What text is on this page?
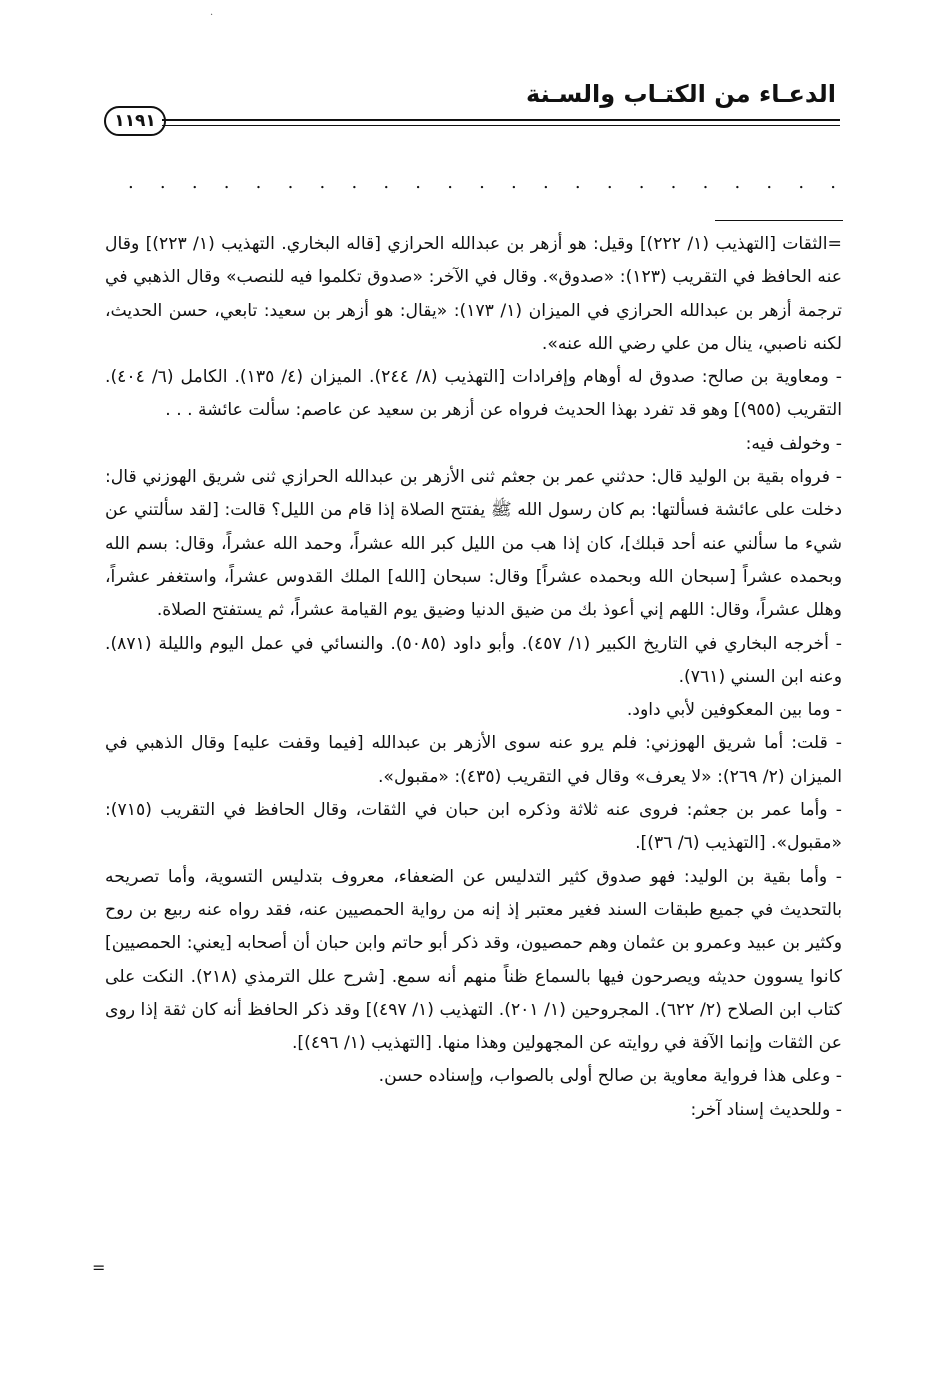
·
الدعـاء من الكتـاب والسـنة
١١٩١
. . . . . . . . . . . . . . . . . . . . . . .

=الثقات [التهذيب (١/ ٢٢٢)] وقيل: هو أزهر بن عبدالله الحرازي [قاله البخاري. التهذيب (١/ ٢٢٣)] وقال عنه الحافظ في التقريب (١٢٣): «صدوق». وقال في الآخر: «صدوق تكلموا فيه للنصب» وقال الذهبي في ترجمة أزهر بن عبدالله الحرازي في الميزان (١/ ١٧٣): «يقال: هو أزهر بن سعيد: تابعي، حسن الحديث، لكنه ناصبي، ينال من علي رضي الله عنه».

- ومعاوية بن صالح: صدوق له أوهام وإفرادات [التهذيب (٨/ ٢٤٤). الميزان (٤/ ١٣٥). الكامل (٦/ ٤٠٤). التقريب (٩٥٥)] وهو قد تفرد بهذا الحديث فرواه عن أزهر بن سعيد عن عاصم: سألت عائشة . . .

- وخولف فيه:

- فرواه بقية بن الوليد قال: حدثني عمر بن جعثم ثنى الأزهر بن عبدالله الحرازي ثنى شريق الهوزني قال: دخلت على عائشة فسألتها: بم كان رسول الله ﷺ يفتتح الصلاة إذا قام من الليل؟ قالت: [لقد سألتني عن شيء ما سألني عنه أحد قبلك]، كان إذا هب من الليل كبر الله عشراً، وحمد الله عشراً، وقال: بسم الله وبحمده عشراً [سبحان الله وبحمده عشراً] وقال: سبحان [الله] الملك القدوس عشراً، واستغفر عشراً، وهلل عشراً، وقال: اللهم إني أعوذ بك من ضيق الدنيا وضيق يوم القيامة عشراً، ثم يستفتح الصلاة.

- أخرجه البخاري في التاريخ الكبير (١/ ٤٥٧). وأبو داود (٥٠٨٥). والنسائي في عمل اليوم والليلة (٨٧١). وعنه ابن السني (٧٦١).

- وما بين المعكوفين لأبي داود.

- قلت: أما شريق الهوزني: فلم يرو عنه سوى الأزهر بن عبدالله [فيما وقفت عليه] وقال الذهبي في الميزان (٢/ ٢٦٩): «لا يعرف» وقال في التقريب (٤٣٥): «مقبول».

- وأما عمر بن جعثم: فروى عنه ثلاثة وذكره ابن حبان في الثقات، وقال الحافظ في التقريب (٧١٥): «مقبول». [التهذيب (٦/ ٣٦)].

- وأما بقية بن الوليد: فهو صدوق كثير التدليس عن الضعفاء، معروف بتدليس التسوية، وأما تصريحه بالتحديث في جميع طبقات السند فغير معتبر إذ إنه من رواية الحمصيين عنه، فقد رواه عنه ربيع بن روح وكثير بن عبيد وعمرو بن عثمان وهم حمصيون، وقد ذكر أبو حاتم وابن حبان أن أصحابه [يعني: الحمصيين] كانوا يسوون حديثه ويصرحون فيها بالسماع ظناً منهم أنه سمع. [شرح علل الترمذي (٢١٨). النكت على كتاب ابن الصلاح (٢/ ٦٢٢). المجروحين (١/ ٢٠١). التهذيب (١/ ٤٩٧)] وقد ذكر الحافظ أنه كان ثقة إذا روى عن الثقات وإنما الآفة في روايته عن المجهولين وهذا منها. [التهذيب (١/ ٤٩٦)].

- وعلى هذا فرواية معاوية بن صالح أولى بالصواب، وإسناده حسن.

- وللحديث إسناد آخر:

=
